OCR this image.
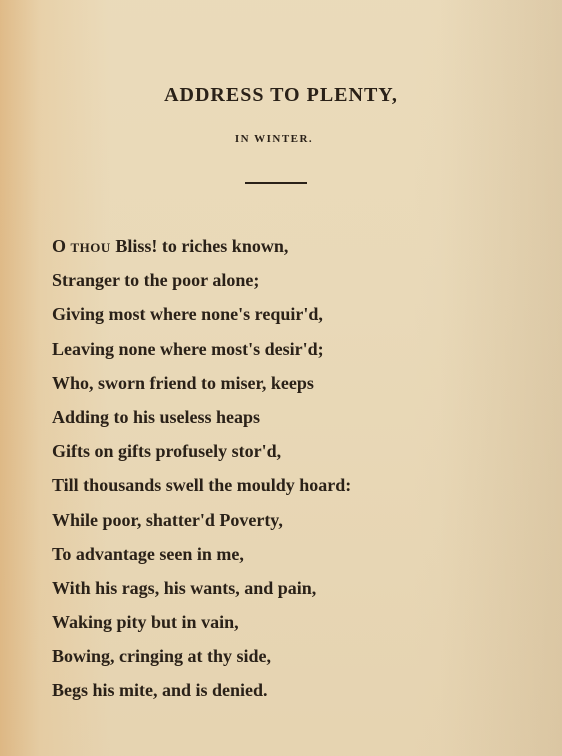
ADDRESS TO PLENTY,
IN WINTER.
O thou Bliss! to riches known,
Stranger to the poor alone;
Giving most where none's requir'd,
Leaving none where most's desir'd;
Who, sworn friend to miser, keeps
Adding to his useless heaps
Gifts on gifts profusely stor'd,
Till thousands swell the mouldy hoard:
While poor, shatter'd Poverty,
To advantage seen in me,
With his rags, his wants, and pain,
Waking pity but in vain,
Bowing, cringing at thy side,
Begs his mite, and is denied.
